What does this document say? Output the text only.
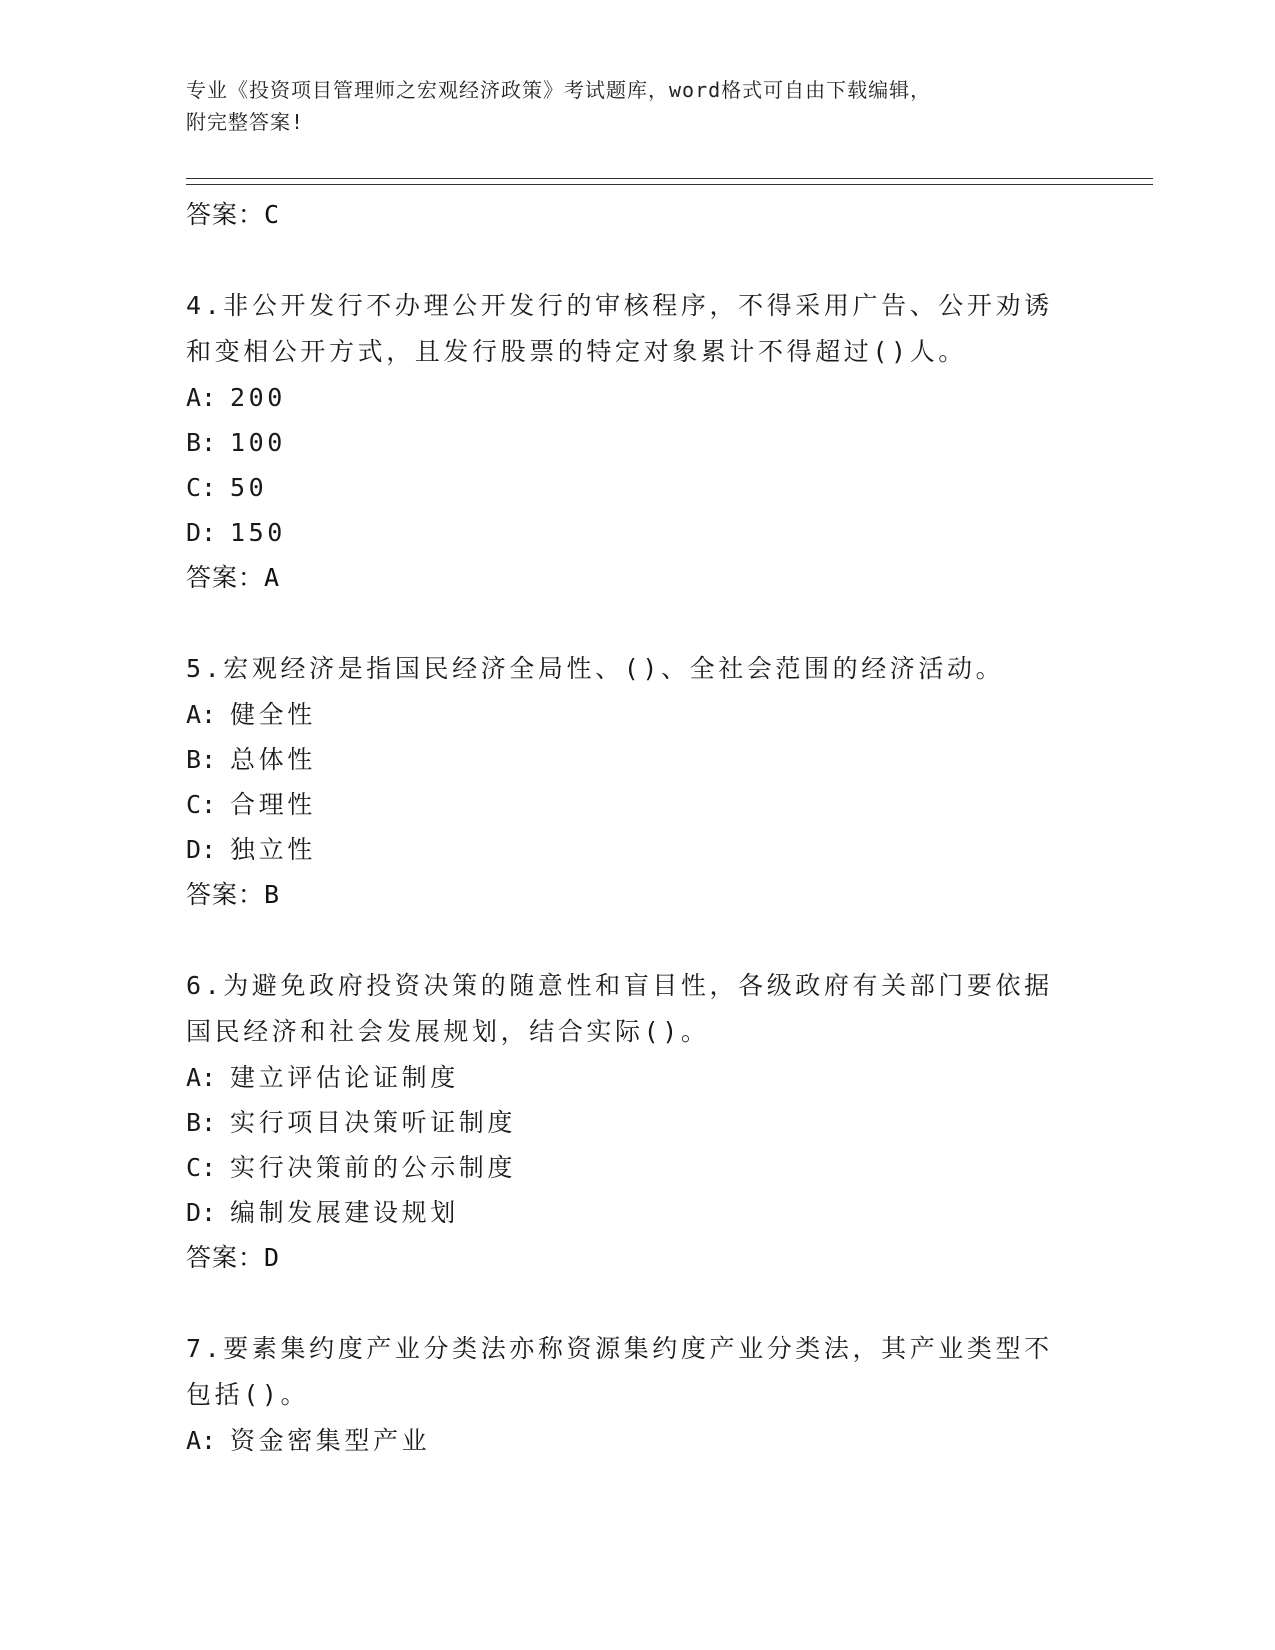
专业《投资项目管理师之宏观经济政策》考试题库，word格式可自由下载编辑，
附完整答案!
答案：C
4.非公开发行不办理公开发行的审核程序，不得采用广告、公开劝诱
和变相公开方式，且发行股票的特定对象累计不得超过()人。
A: 200
B: 100
C: 50
D: 150
答案：A
5.宏观经济是指国民经济全局性、()、全社会范围的经济活动。
A: 健全性
B: 总体性
C: 合理性
D: 独立性
答案：B
6.为避免政府投资决策的随意性和盲目性，各级政府有关部门要依据
国民经济和社会发展规划，结合实际()。
A: 建立评估论证制度
B: 实行项目决策听证制度
C: 实行决策前的公示制度
D: 编制发展建设规划
答案：D
7.要素集约度产业分类法亦称资源集约度产业分类法，其产业类型不
包括()。
A: 资金密集型产业
